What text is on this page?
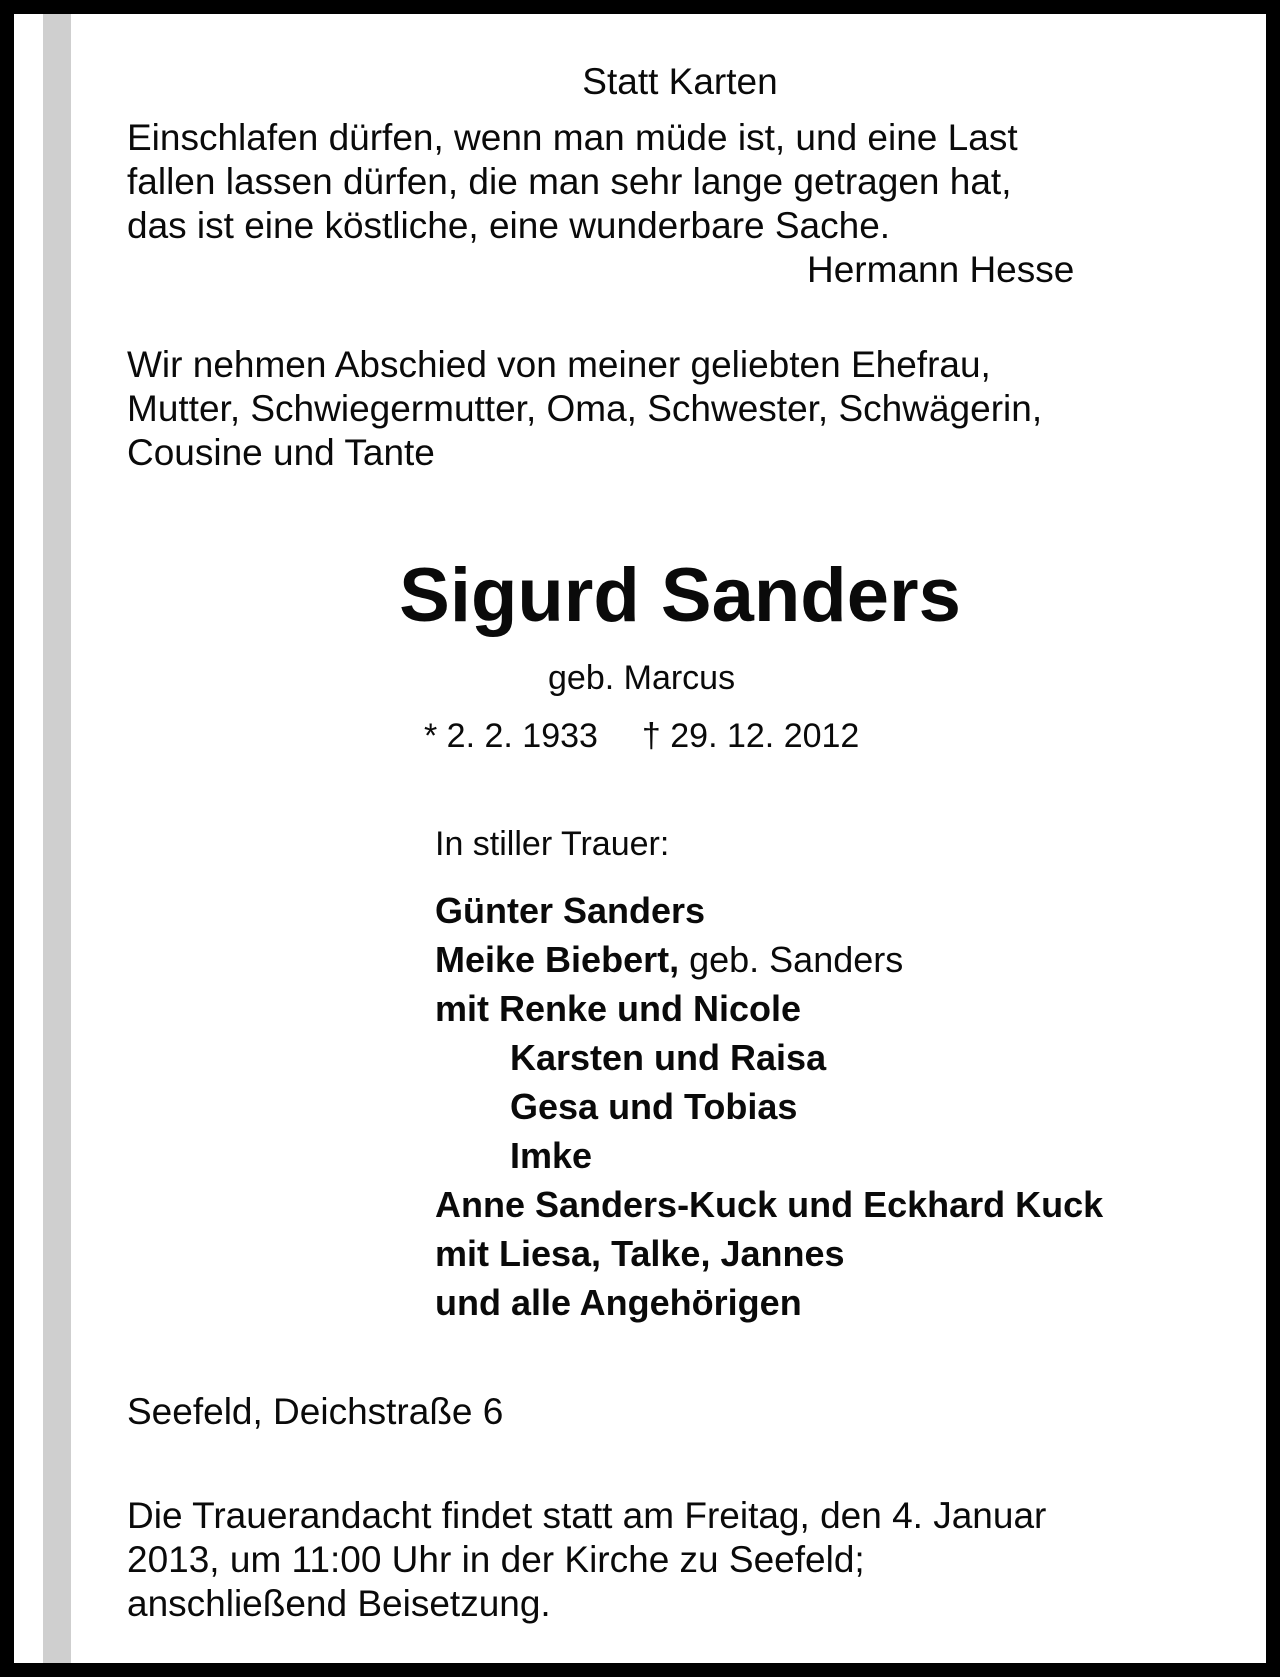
Statt Karten

Einschlafen dürfen, wenn man müde ist, und eine Last
fallen lassen dürfen, die man sehr lange getragen hat,
das ist eine köstliche, eine wunderbare Sache.

Hermann Hesse

Wir nehmen Abschied von meiner geliebten Ehefrau,
Mutter, Schwiegermutter, Oma, Schwester, Schwägerin,
Cousine und Tante

Sigurd Sanders

geb. Marcus

* 2. 2. 1933 † 29. 12. 2012

In stiller Trauer:

Günter Sanders
Meike Biebert, geb. Sanders
mit Renke und Nicole
Karsten und Raisa
Gesa und Tobias
Imke
Anne Sanders-Kuck und Eckhard Kuck
mit Liesa, Talke, Jannes
und alle Angehörigen

Seefeld, Deichstraße 6

Die Trauerandacht findet statt am Freitag, den 4. Januar
2013, um 11:00 Uhr in der Kirche zu Seefeld;
anschließend Beisetzung.
